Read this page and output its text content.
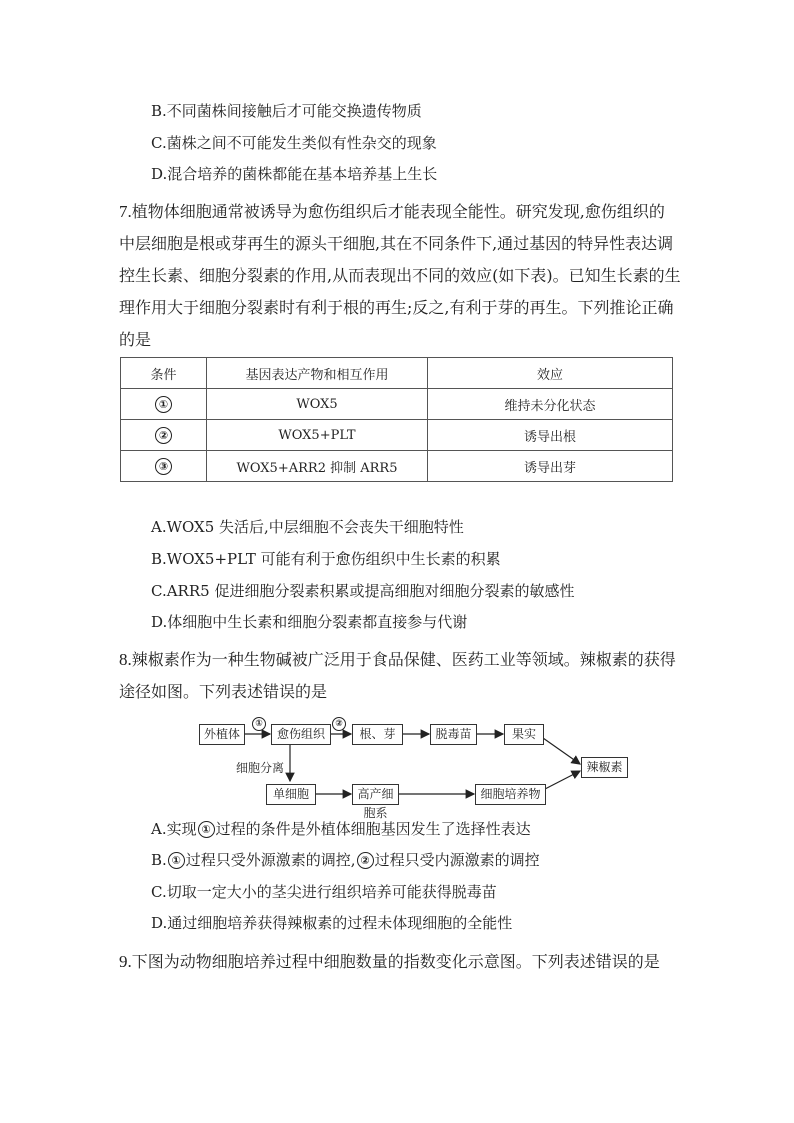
B.不同菌株间接触后才可能交换遗传物质
C.菌株之间不可能发生类似有性杂交的现象
D.混合培养的菌株都能在基本培养基上生长
7.植物体细胞通常被诱导为愈伤组织后才能表现全能性。研究发现,愈伤组织的
中层细胞是根或芽再生的源头干细胞,其在不同条件下,通过基因的特异性表达调
控生长素、细胞分裂素的作用,从而表现出不同的效应(如下表)。已知生长素的生
理作用大于细胞分裂素时有利于根的再生;反之,有利于芽的再生。下列推论正确
的是
条件	基因表达产物和相互作用	效应
①	WOX5	维持未分化状态
②	WOX5+PLT	诱导出根
③	WOX5+ARR2 抑制 ARR5	诱导出芽
A.WOX5 失活后,中层细胞不会丧失干细胞特性
B.WOX5+PLT 可能有利于愈伤组织中生长素的积累
C.ARR5 促进细胞分裂素积累或提高细胞对细胞分裂素的敏感性
D.体细胞中生长素和细胞分裂素都直接参与代谢
8.辣椒素作为一种生物碱被广泛用于食品保健、医药工业等领域。辣椒素的获得
途径如图。下列表述错误的是
外植体
①
愈伤组织
②
根、芽	脱毒苗	果实
辣椒素
细胞分离
单细胞	高产细胞系
细胞培养物
A.实现 ① 过程的条件是外植体细胞基因发生了选择性表达
B. ① 过程只受外源激素的调控, ② 过程只受内源激素的调控
C.切取一定大小的茎尖进行组织培养可能获得脱毒苗
D.通过细胞培养获得辣椒素的过程未体现细胞的全能性
9.下图为动物细胞培养过程中细胞数量的指数变化示意图。下列表述错误的是
